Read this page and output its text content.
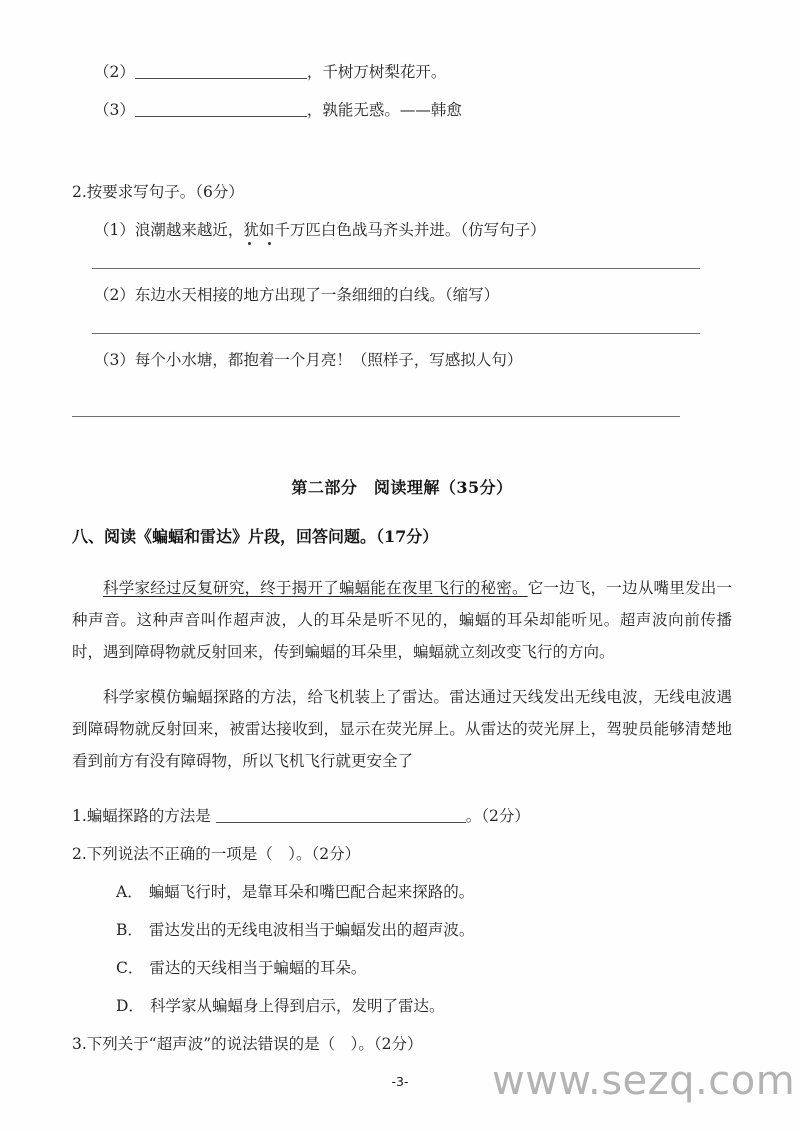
（2）	，千树万树梨花开。
（3）	，孰能无惑。——韩愈
2.按要求写句子。（6分）
（1）浪潮越来越近，犹如千万匹白色战马齐头并进。（仿写句子）
（2）东边水天相接的地方出现了一条细细的白线。（缩写）
（3）每个小水塘，都抱着一个月亮！（照样子，写感拟人句）
第二部分　阅读理解（35分）
八、阅读《蝙蝠和雷达》片段，回答问题。（17分）
科学家经过反复研究，终于揭开了蝙蝠能在夜里飞行的秘密。它一边飞，一边从嘴里发出一种声音。这种声音叫作超声波，人的耳朵是听不见的，蝙蝠的耳朵却能听见。超声波向前传播时，遇到障碍物就反射回来，传到蝙蝠的耳朵里，蝙蝠就立刻改变飞行的方向。
科学家模仿蝙蝠探路的方法，给飞机装上了雷达。雷达通过天线发出无线电波，无线电波遇到障碍物就反射回来，被雷达接收到，显示在荧光屏上。从雷达的荧光屏上，驾驶员能够清楚地看到前方有没有障碍物，所以飞机飞行就更安全了
1.蝙蝠探路的方法是	。（2分）
2.下列说法不正确的一项是（　）。（2分）
A． 蝙蝠飞行时，是靠耳朵和嘴巴配合起来探路的。
B． 雷达发出的无线电波相当于蝙蝠发出的超声波。
C． 雷达的天线相当于蝙蝠的耳朵。
D． 科学家从蝙蝠身上得到启示，发明了雷达。
3.下列关于“超声波”的说法错误的是（　）。（2分）
-3-	www.sezq.com
